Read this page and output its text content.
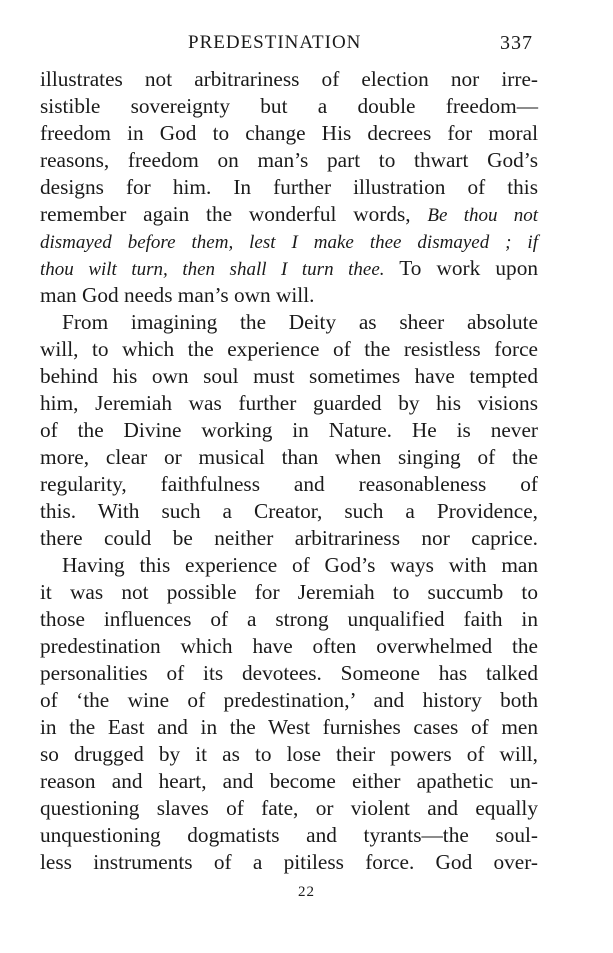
PREDESTINATION	337
illustrates not arbitrariness of election nor irre-
sistible sovereignty but a double freedom—
freedom in God to change His decrees for moral
reasons, freedom on man’s part to thwart God’s
designs for him. In further illustration of this
remember again the wonderful words, Be thou not
dismayed before them, lest I make thee dismayed ; if
thou wilt turn, then shall I turn thee. To work upon
man God needs man’s own will.
From imagining the Deity as sheer absolute
will, to which the experience of the resistless force
behind his own soul must sometimes have tempted
him, Jeremiah was further guarded by his visions
of the Divine working in Nature. He is never
more, clear or musical than when singing of the
regularity, faithfulness and reasonableness of
this. With such a Creator, such a Providence,
there could be neither arbitrariness nor caprice.
Having this experience of God’s ways with man
it was not possible for Jeremiah to succumb to
those influences of a strong unqualified faith in
predestination which have often overwhelmed the
personalities of its devotees. Someone has talked
of ‘the wine of predestination,’ and history both
in the East and in the West furnishes cases of men
so drugged by it as to lose their powers of will,
reason and heart, and become either apathetic un-
questioning slaves of fate, or violent and equally
unquestioning dogmatists and tyrants—the soul-
less instruments of a pitiless force. God over-
22
